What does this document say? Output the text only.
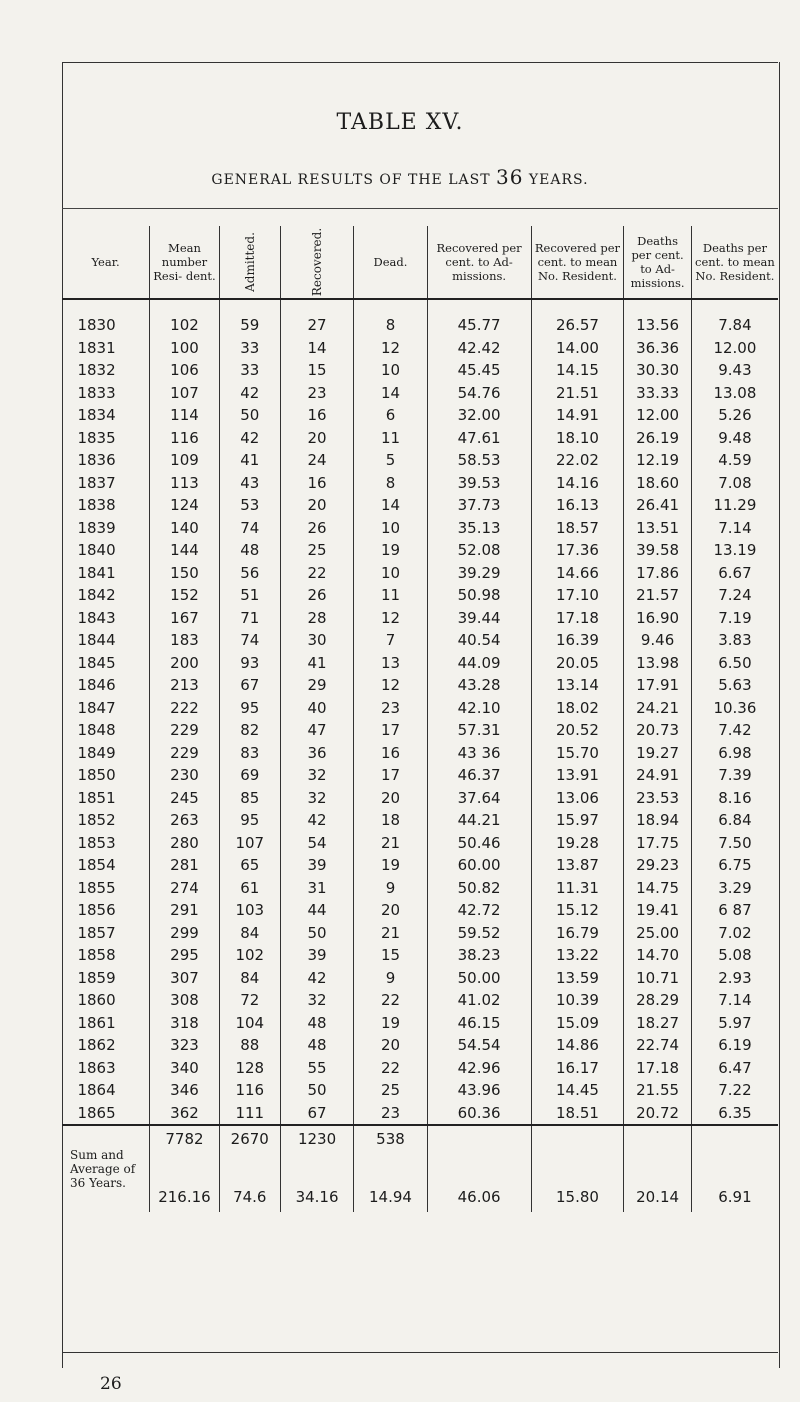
TABLE XV.
GENERAL RESULTS OF THE LAST 36 YEARS.
Year.	Mean number Resi- dent.	Admitted.	Recovered.	Dead.	Recovered per cent. to Ad- missions.	Recovered per cent. to mean No. Resident.	Deaths per cent. to Ad- missions.	Deaths per cent. to mean No. Resident.

1830	102	59	27	8	45.77	26.57	13.56	7.84
1831	100	33	14	12	42.42	14.00	36.36	12.00
1832	106	33	15	10	45.45	14.15	30.30	9.43
1833	107	42	23	14	54.76	21.51	33.33	13.08
1834	114	50	16	6	32.00	14.91	12.00	5.26
1835	116	42	20	11	47.61	18.10	26.19	9.48
1836	109	41	24	5	58.53	22.02	12.19	4.59
1837	113	43	16	8	39.53	14.16	18.60	7.08
1838	124	53	20	14	37.73	16.13	26.41	11.29
1839	140	74	26	10	35.13	18.57	13.51	7.14
1840	144	48	25	19	52.08	17.36	39.58	13.19
1841	150	56	22	10	39.29	14.66	17.86	6.67
1842	152	51	26	11	50.98	17.10	21.57	7.24
1843	167	71	28	12	39.44	17.18	16.90	7.19
1844	183	74	30	7	40.54	16.39	9.46	3.83
1845	200	93	41	13	44.09	20.05	13.98	6.50
1846	213	67	29	12	43.28	13.14	17.91	5.63
1847	222	95	40	23	42.10	18.02	24.21	10.36
1848	229	82	47	17	57.31	20.52	20.73	7.42
1849	229	83	36	16	43 36	15.70	19.27	6.98
1850	230	69	32	17	46.37	13.91	24.91	7.39
1851	245	85	32	20	37.64	13.06	23.53	8.16
1852	263	95	42	18	44.21	15.97	18.94	6.84
1853	280	107	54	21	50.46	19.28	17.75	7.50
1854	281	65	39	19	60.00	13.87	29.23	6.75
1855	274	61	31	9	50.82	11.31	14.75	3.29
1856	291	103	44	20	42.72	15.12	19.41	6 87
1857	299	84	50	21	59.52	16.79	25.00	7.02
1858	295	102	39	15	38.23	13.22	14.70	5.08
1859	307	84	42	9	50.00	13.59	10.71	2.93
1860	308	72	32	22	41.02	10.39	28.29	7.14
1861	318	104	48	19	46.15	15.09	18.27	5.97
1862	323	88	48	20	54.54	14.86	22.74	6.19
1863	340	128	55	22	42.96	16.17	17.18	6.47
1864	346	116	50	25	43.96	14.45	21.55	7.22
1865	362	111	67	23	60.36	18.51	20.72	6.35
Sum and
Average of
36 Years.	7782	2670	1230	538				
	216.16	74.6	34.16	14.94	46.06	15.80	20.14	6.91
26
